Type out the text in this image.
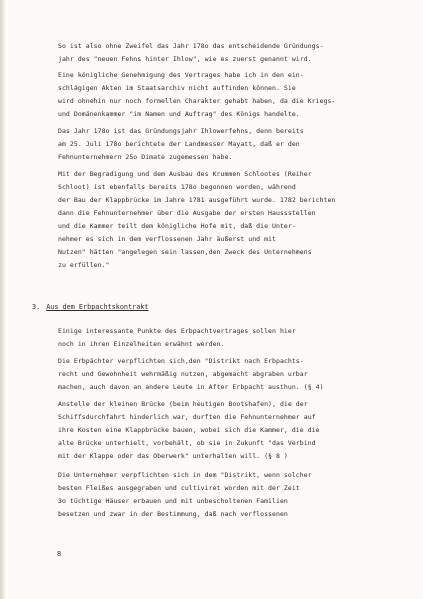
So ist also ohne Zweifel das Jahr 178o das entscheidende Gründungs-
jahr des "neuen Fehns hinter Ihlow", wie es zuerst genannt wird.
Eine königliche Genehmigung des Vertrages habe ich in den ein-
schlägigen Akten im Staatsarchiv nicht auffinden können. Sie
wird ohnehin nur noch formellen Charakter gehabt haben, da die Kriegs-
und Domänenkammer "im Namen und Auftrag" des Königs handelte.
Das Jahr 178o ist das Gründungsjahr Ihlowerfehns, denn bereits
am 25. Juli 178o berichtete der Landmesser Mayatt, daß er den
Fehnunternehmern 25o Dimate zugemessen habe.
Mit der Begradigung und dem Ausbau des Krummen Schlootes (Reiher
Schloot) ist ebenfalls bereits 178o begonnen worden, während
der Bau der Klappbrücke im Jahre 1781 ausgeführt wurde. 1782 berichten
dann die Fehnunternehmer über die Ausgabe der ersten Haussstellen
und die Kammer teilt dem königliche Hofe mit, daß die Unter-
nehmer es sich in dem verflossenen Jahr äußerst und mit
Nutzen" hätten "angelegen sein lassen,den Zweck des Unternehmens
zu erfüllen."
3. Aus dem Erbpachtskontrakt
Einige interessante Punkte des Erbpachtvertrages sollen hier
noch in ihren Einzelheiten erwähnt werden.
Die Erbpächter verpflichten sich,den "Distrikt nach Erbpachts-
recht und Gewohnheit wehrmäßig nutzen, abgemacht abgraben urbar
machen, auch davon an andere Leute in After Erbpacht austhun. (§ 4)
Anstelle der kleinen Brücke (beim heutigen Bootshafen), die der
Schiffsdurchfahrt hinderlich war, durften die Fehnunternehmer auf
ihre Kosten eine Klappbrücke bauen, wobei sich die Kammer, die die
alte Brücke unterhielt, vorbehält, ob sie in Zukunft "das Verbind
mit der Klappe oder das Oberwerk" unterhalten will. (§ 8 )
Die Unternehmer verpflichten sich in dem "Distrikt, wenn solcher
besten Fleißes ausgegraben und cultiviret worden mit der Zeit
3o tüchtige Häuser erbauen und mit unbescholtenen Familien
besetzen und zwar in der Bestimmung, daß nach verflossenen
8
